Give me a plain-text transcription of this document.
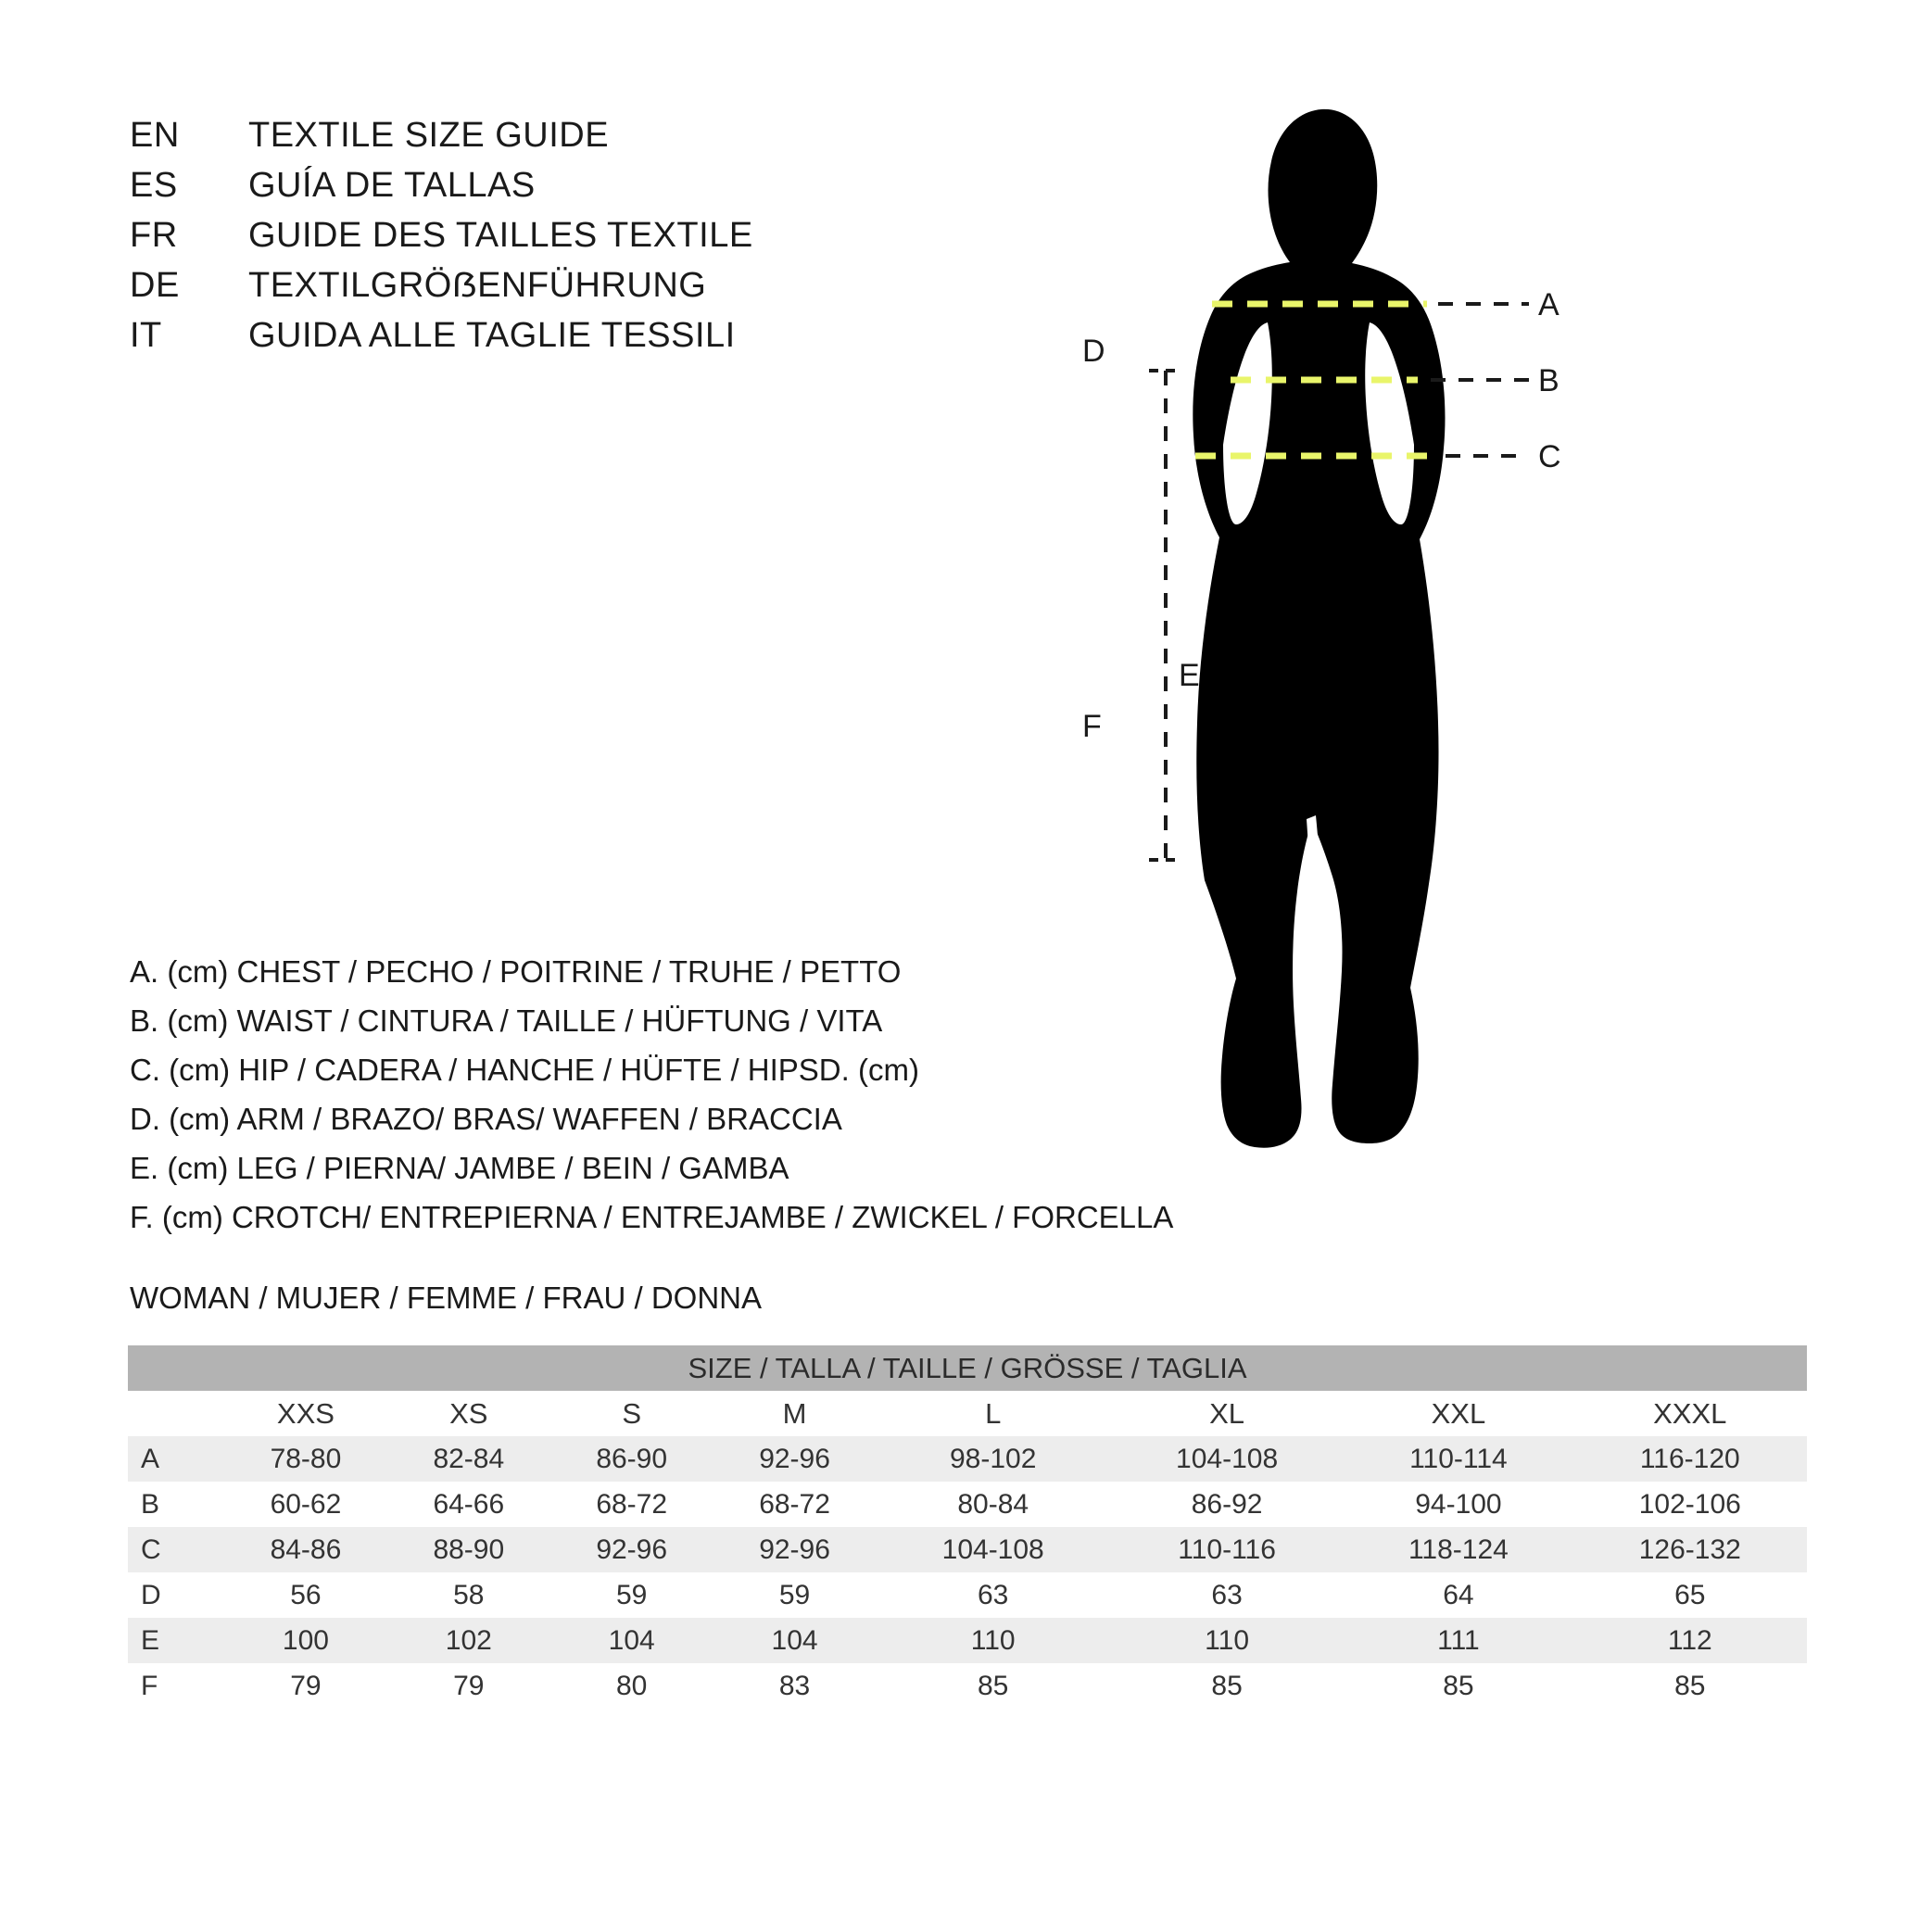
EN	TEXTILE SIZE GUIDE
ES	GUÍA DE TALLAS
FR	GUIDE DES TAILLES TEXTILE
DE	TEXTILGRÖẞENFÜHRUNG
IT	GUIDA ALLE TAGLIE TESSILI	D
F
E
A
B
C
A. (cm) CHEST / PECHO / POITRINE / TRUHE / PETTO
B. (cm) WAIST / CINTURA / TAILLE / HÜFTUNG / VITA
C. (cm) HIP / CADERA / HANCHE / HÜFTE / HIPSD. (cm)
D. (cm) ARM / BRAZO/ BRAS/ WAFFEN / BRACCIA
E. (cm) LEG / PIERNA/ JAMBE / BEIN / GAMBA
F. (cm) CROTCH/ ENTREPIERNA / ENTREJAMBE / ZWICKEL / FORCELLA
WOMAN / MUJER / FEMME / FRAU / DONNA
SIZE / TALLA / TAILLE / GRÖSSE / TAGLIA								
	XXS	XS	S	M	L	XL	XXL	XXXL
A	78-80	82-84	86-90	92-96	98-102	104-108	110-114	116-120
B	60-62	64-66	68-72	68-72	80-84	86-92	94-100	102-106
C	84-86	88-90	92-96	92-96	104-108	110-116	118-124	126-132
D	56	58	59	59	63	63	64	65
E	100	102	104	104	110	110	111	112
F	79	79	80	83	85	85	85	85
